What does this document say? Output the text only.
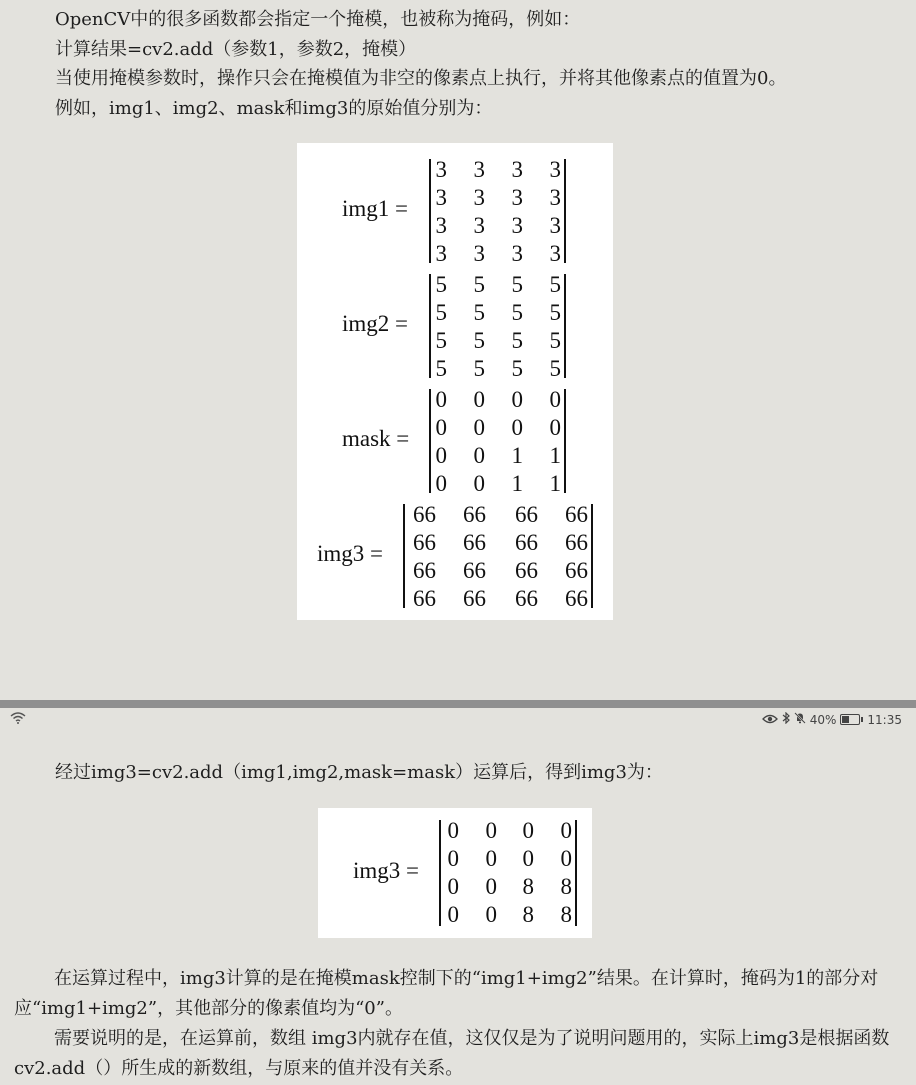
OpenCV中的很多函数都会指定一个掩模，也被称为掩码，例如：
计算结果=cv2.add（参数1，参数2，掩模）
当使用掩模参数时，操作只会在掩模值为非空的像素点上执行，并将其他像素点的值置为0。
例如，img1、img2、mask和img3的原始值分别为：
img1 =
3	3	3	3
3	3	3	3
3	3	3	3
3	3	3	3
img2 =
5	5	5	5
5	5	5	5
5	5	5	5
5	5	5	5
mask =
0	0	0	0
0	0	0	0
0	0	1	1
0	0	1	1
img3 =
66	66	66	66
66	66	66	66
66	66	66	66
66	66	66	66
40%	11:35
经过img3=cv2.add（img1,img2,mask=mask）运算后，得到img3为：
img3 =
0	0	0	0
0	0	0	0
0	0	8	8
0	0	8	8
在运算过程中，img3计算的是在掩模mask控制下的“img1+img2”结果。在计算时，掩码为1的部分对应“img1+img2”，其他部分的像素值均为“0”。
需要说明的是，在运算前，数组 img3内就存在值，这仅仅是为了说明问题用的，实际上img3是根据函数cv2.add（）所生成的新数组，与原来的值并没有关系。
